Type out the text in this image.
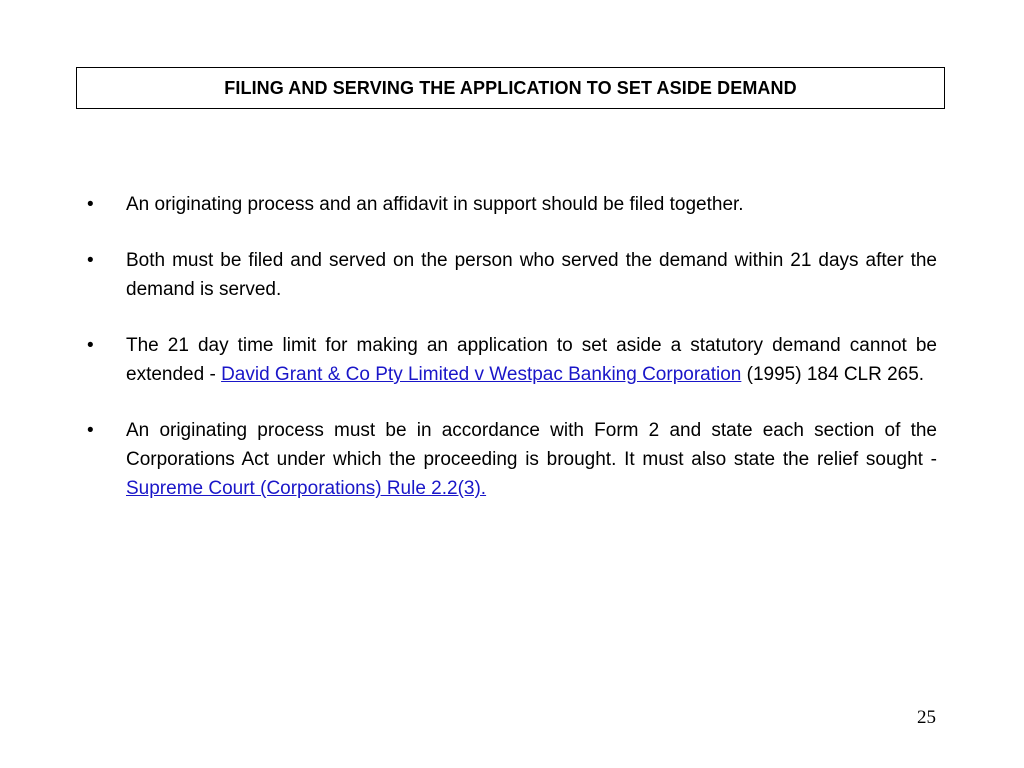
FILING AND SERVING THE APPLICATION TO SET ASIDE DEMAND
•	An originating process and an affidavit in support should be filed together.
•	Both must be filed and served on the person who served the demand within 21 days after the demand is served.
•	The 21 day time limit for making an application to set aside a statutory demand cannot be extended - David Grant & Co Pty Limited v Westpac Banking Corporation (1995) 184 CLR 265.
•	An originating process must be in accordance with Form 2 and state each section of the Corporations Act under which the proceeding is brought. It must also state the relief sought - Supreme Court (Corporations) Rule 2.2(3).
25
